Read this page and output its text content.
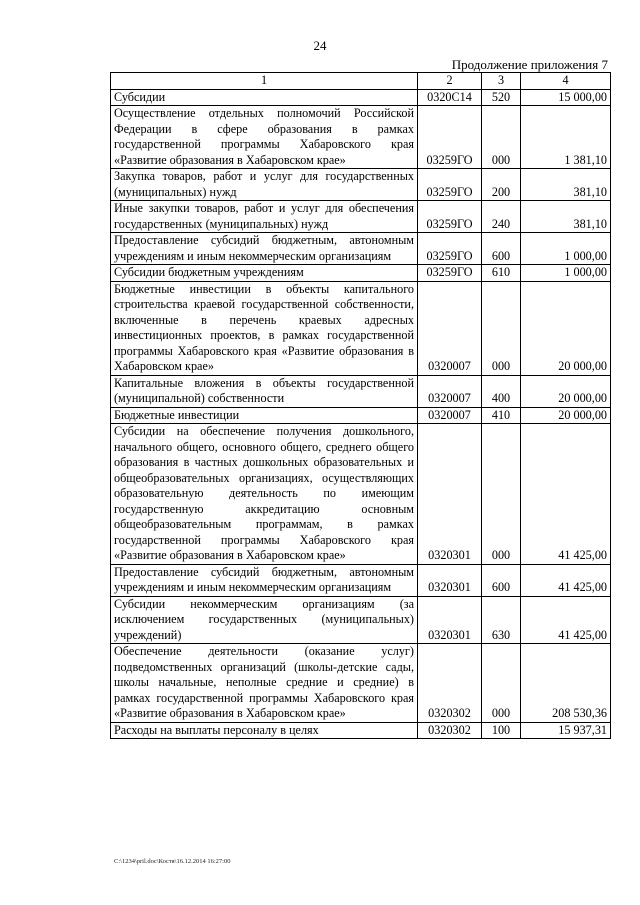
24
Продолжение приложения 7
1	2	3	4
Субсидии	0320С14	520	15 000,00
Осуществление отдельных полномочий Российской Федерации в сфере образования в рамках государственной программы Хабаровского края «Развитие образования в Хабаровском крае»	03259ГО	000	1 381,10
Закупка товаров, работ и услуг для государственных (муниципальных) нужд	03259ГО	200	381,10
Иные закупки товаров, работ и услуг для обеспечения государственных (муниципальных) нужд	03259ГО	240	381,10
Предоставление субсидий бюджетным, автономным учреждениям и иным некоммерческим организациям	03259ГО	600	1 000,00
Субсидии бюджетным учреждениям	03259ГО	610	1 000,00
Бюджетные инвестиции в объекты капитального строительства краевой государственной собственности, включенные в перечень краевых адресных инвестиционных проектов, в рамках государственной программы Хабаровского края «Развитие образования в Хабаровском крае»	0320007	000	20 000,00
Капитальные вложения в объекты государственной (муниципальной) собственности	0320007	400	20 000,00
Бюджетные инвестиции	0320007	410	20 000,00
Субсидии на обеспечение получения дошкольного, начального общего, основного общего, среднего общего образования в частных дошкольных образовательных и общеобразовательных организациях, осуществляющих образовательную деятельность по имеющим государственную аккредитацию основным общеобразовательным программам, в рамках государственной программы Хабаровского края «Развитие образования в Хабаровском крае»	0320301	000	41 425,00
Предоставление субсидий бюджетным, автономным учреждениям и иным некоммерческим организациям	0320301	600	41 425,00
Субсидии некоммерческим организациям (за исключением государственных (муниципальных) учреждений)	0320301	630	41 425,00
Обеспечение деятельности (оказание услуг) подведомственных организаций (школы-детские сады, школы начальные, неполные средние и средние) в рамках государственной программы Хабаровского края «Развитие образования в Хабаровском крае»	0320302	000	208 530,36
Расходы на выплаты персоналу в целях	0320302	100	15 937,31
C:\1234\pril.doc\Костя\16.12.2014 16:27:00
